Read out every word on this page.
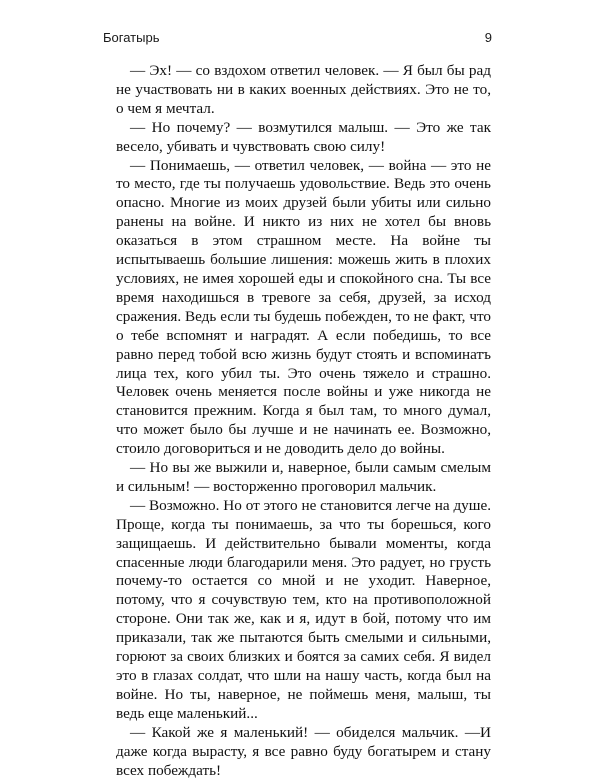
Богатырь	9

— Эх! — со вздохом ответил человек. — Я был бы рад не участвовать ни в каких военных действиях. Это не то, о чем я мечтал.

— Но почему? — возмутился малыш. — Это же так весело, убивать и чувствовать свою силу!

— Понимаешь, — ответил человек, — война — это не то место, где ты получаешь удовольствие. Ведь это очень опасно. Многие из моих друзей были убиты или сильно ранены на войне. И никто из них не хотел бы вновь оказаться в этом страшном месте. На войне ты испытываешь большие лишения: можешь жить в плохих условиях, не имея хорошей еды и спокойного сна. Ты все время находишься в тревоге за себя, друзей, за исход сражения. Ведь если ты будешь побежден, то не факт, что о тебе вспомнят и наградят. А если победишь, то все равно перед тобой всю жизнь будут стоять и вспоминатъ лица тех, кого убил ты. Это очень тяжело и страшно. Человек очень меняется после войны и уже никогда не становится прежним. Когда я был там, то много думал, что может было бы лучше и не начинать ее. Возможно, стоило договориться и не доводить дело до войны.

— Но вы же выжили и, наверное, были самым смелым и сильным! — восторженно проговорил мальчик.

— Возможно. Но от этого не становится легче на душе. Проще, когда ты понимаешь, за что ты борешься, кого защищаешь. И действительно бывали моменты, когда спасенные люди благодарили меня. Это радует, но грусть почему-то остается со мной и не уходит. Наверное, потому, что я сочувствую тем, кто на противоположной стороне. Они так же, как и я, идут в бой, потому что им приказали, так же пытаются быть смелыми и сильными, горюют за своих близких и боятся за самих себя. Я видел это в глазах солдат, что шли на нашу часть, когда был на войне. Но ты, наверное, не поймешь меня, малыш, ты ведь еще маленький...

— Какой же я маленький! — обиделся мальчик. —И даже когда вырасту, я все равно буду богатырем и стану всех побеждать!
